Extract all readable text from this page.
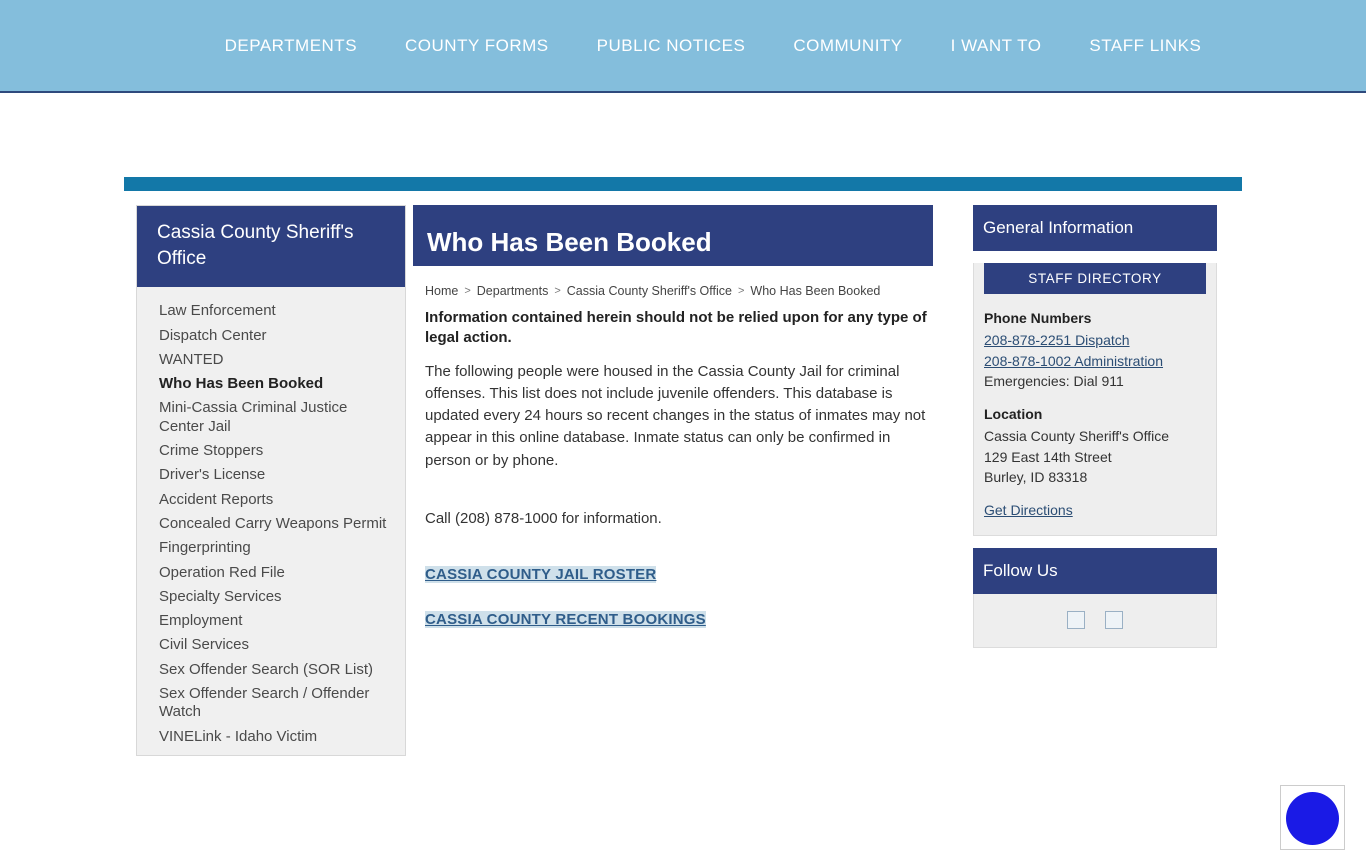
DEPARTMENTS	COUNTY FORMS	PUBLIC NOTICES	COMMUNITY	I WANT TO	STAFF LINKS
Cassia County Sheriff's Office
Law Enforcement
Dispatch Center
WANTED
Who Has Been Booked
Mini-Cassia Criminal Justice Center Jail
Crime Stoppers
Driver's License
Accident Reports
Concealed Carry Weapons Permit
Fingerprinting
Operation Red File
Specialty Services
Employment
Civil Services
Sex Offender Search (SOR List)
Sex Offender Search / Offender Watch
VINELink - Idaho Victim
Who Has Been Booked
Home > Departments > Cassia County Sheriff's Office > Who Has Been Booked
Information contained herein should not be relied upon for any type of legal action.
The following people were housed in the Cassia County Jail for criminal offenses. This list does not include juvenile offenders. This database is updated every 24 hours so recent changes in the status of inmates may not appear in this online database. Inmate status can only be confirmed in person or by phone.
Call (208) 878-1000 for information.
CASSIA COUNTY JAIL ROSTER
CASSIA COUNTY RECENT BOOKINGS
General Information
STAFF DIRECTORY
Phone Numbers
208-878-2251 Dispatch
208-878-1002 Administration
Emergencies: Dial 911
Location
Cassia County Sheriff's Office
129 East 14th Street
Burley, ID 83318
Get Directions
Follow Us
